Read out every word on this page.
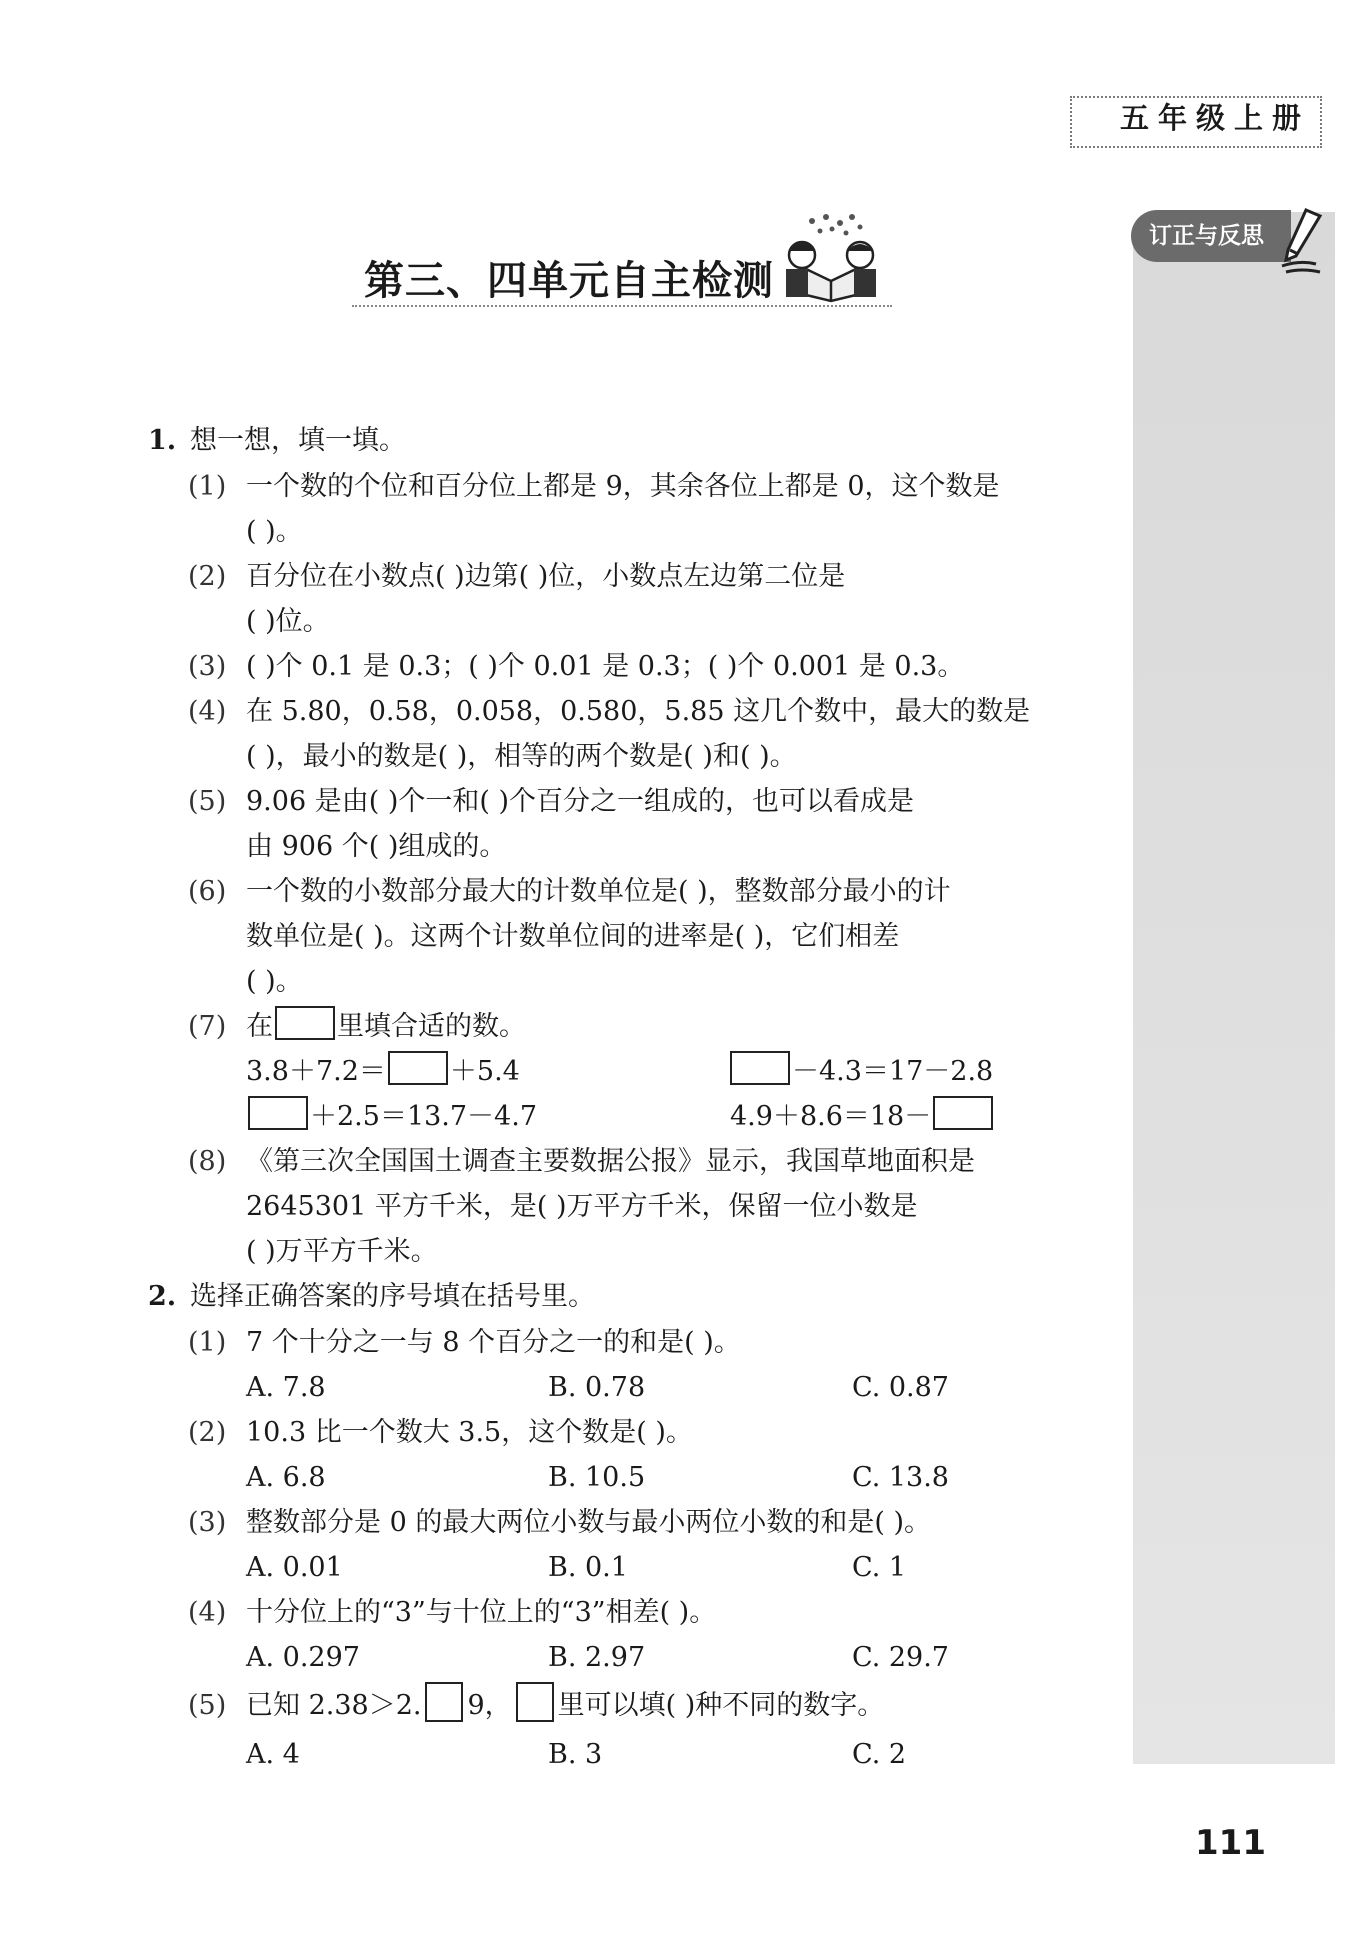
五年级上册
订正与反思
第三、四单元自主检测
1. 想一想，填一填。
(1) 一个数的个位和百分位上都是 9，其余各位上都是 0，这个数是
( )。
(2) 百分位在小数点( )边第( )位，小数点左边第二位是
( )位。
(3) ( )个 0.1 是 0.3；( )个 0.01 是 0.3；( )个 0.001 是 0.3。
(4) 在 5.80，0.58，0.058，0.580，5.85 这几个数中，最大的数是
( )，最小的数是( )，相等的两个数是( )和( )。
(5) 9.06 是由( )个一和( )个百分之一组成的，也可以看成是
由 906 个( )组成的。
(6) 一个数的小数部分最大的计数单位是( )，整数部分最小的计
数单位是( )。这两个计数单位间的进率是( )，它们相差
( )。
(7) 在 里填合适的数。
3.8＋7.2＝ ＋5.4	－4.3＝17－2.8
＋2.5＝13.7－4.7	4.9＋8.6＝18－
(8) 《第三次全国国土调查主要数据公报》显示，我国草地面积是
2645301 平方千米，是( )万平方千米，保留一位小数是
( )万平方千米。
2. 选择正确答案的序号填在括号里。
(1) 7 个十分之一与 8 个百分之一的和是( )。
A. 7.8	B. 0.78	C. 0.87
(2) 10.3 比一个数大 3.5，这个数是( )。
A. 6.8	B. 10.5	C. 13.8
(3) 整数部分是 0 的最大两位小数与最小两位小数的和是( )。
A. 0.01	B. 0.1	C. 1
(4) 十分位上的“3”与十位上的“3”相差( )。
A. 0.297	B. 2.97	C. 29.7
(5) 已知 2.38＞2. 9， 里可以填( )种不同的数字。
A. 4	B. 3	C. 2
111
